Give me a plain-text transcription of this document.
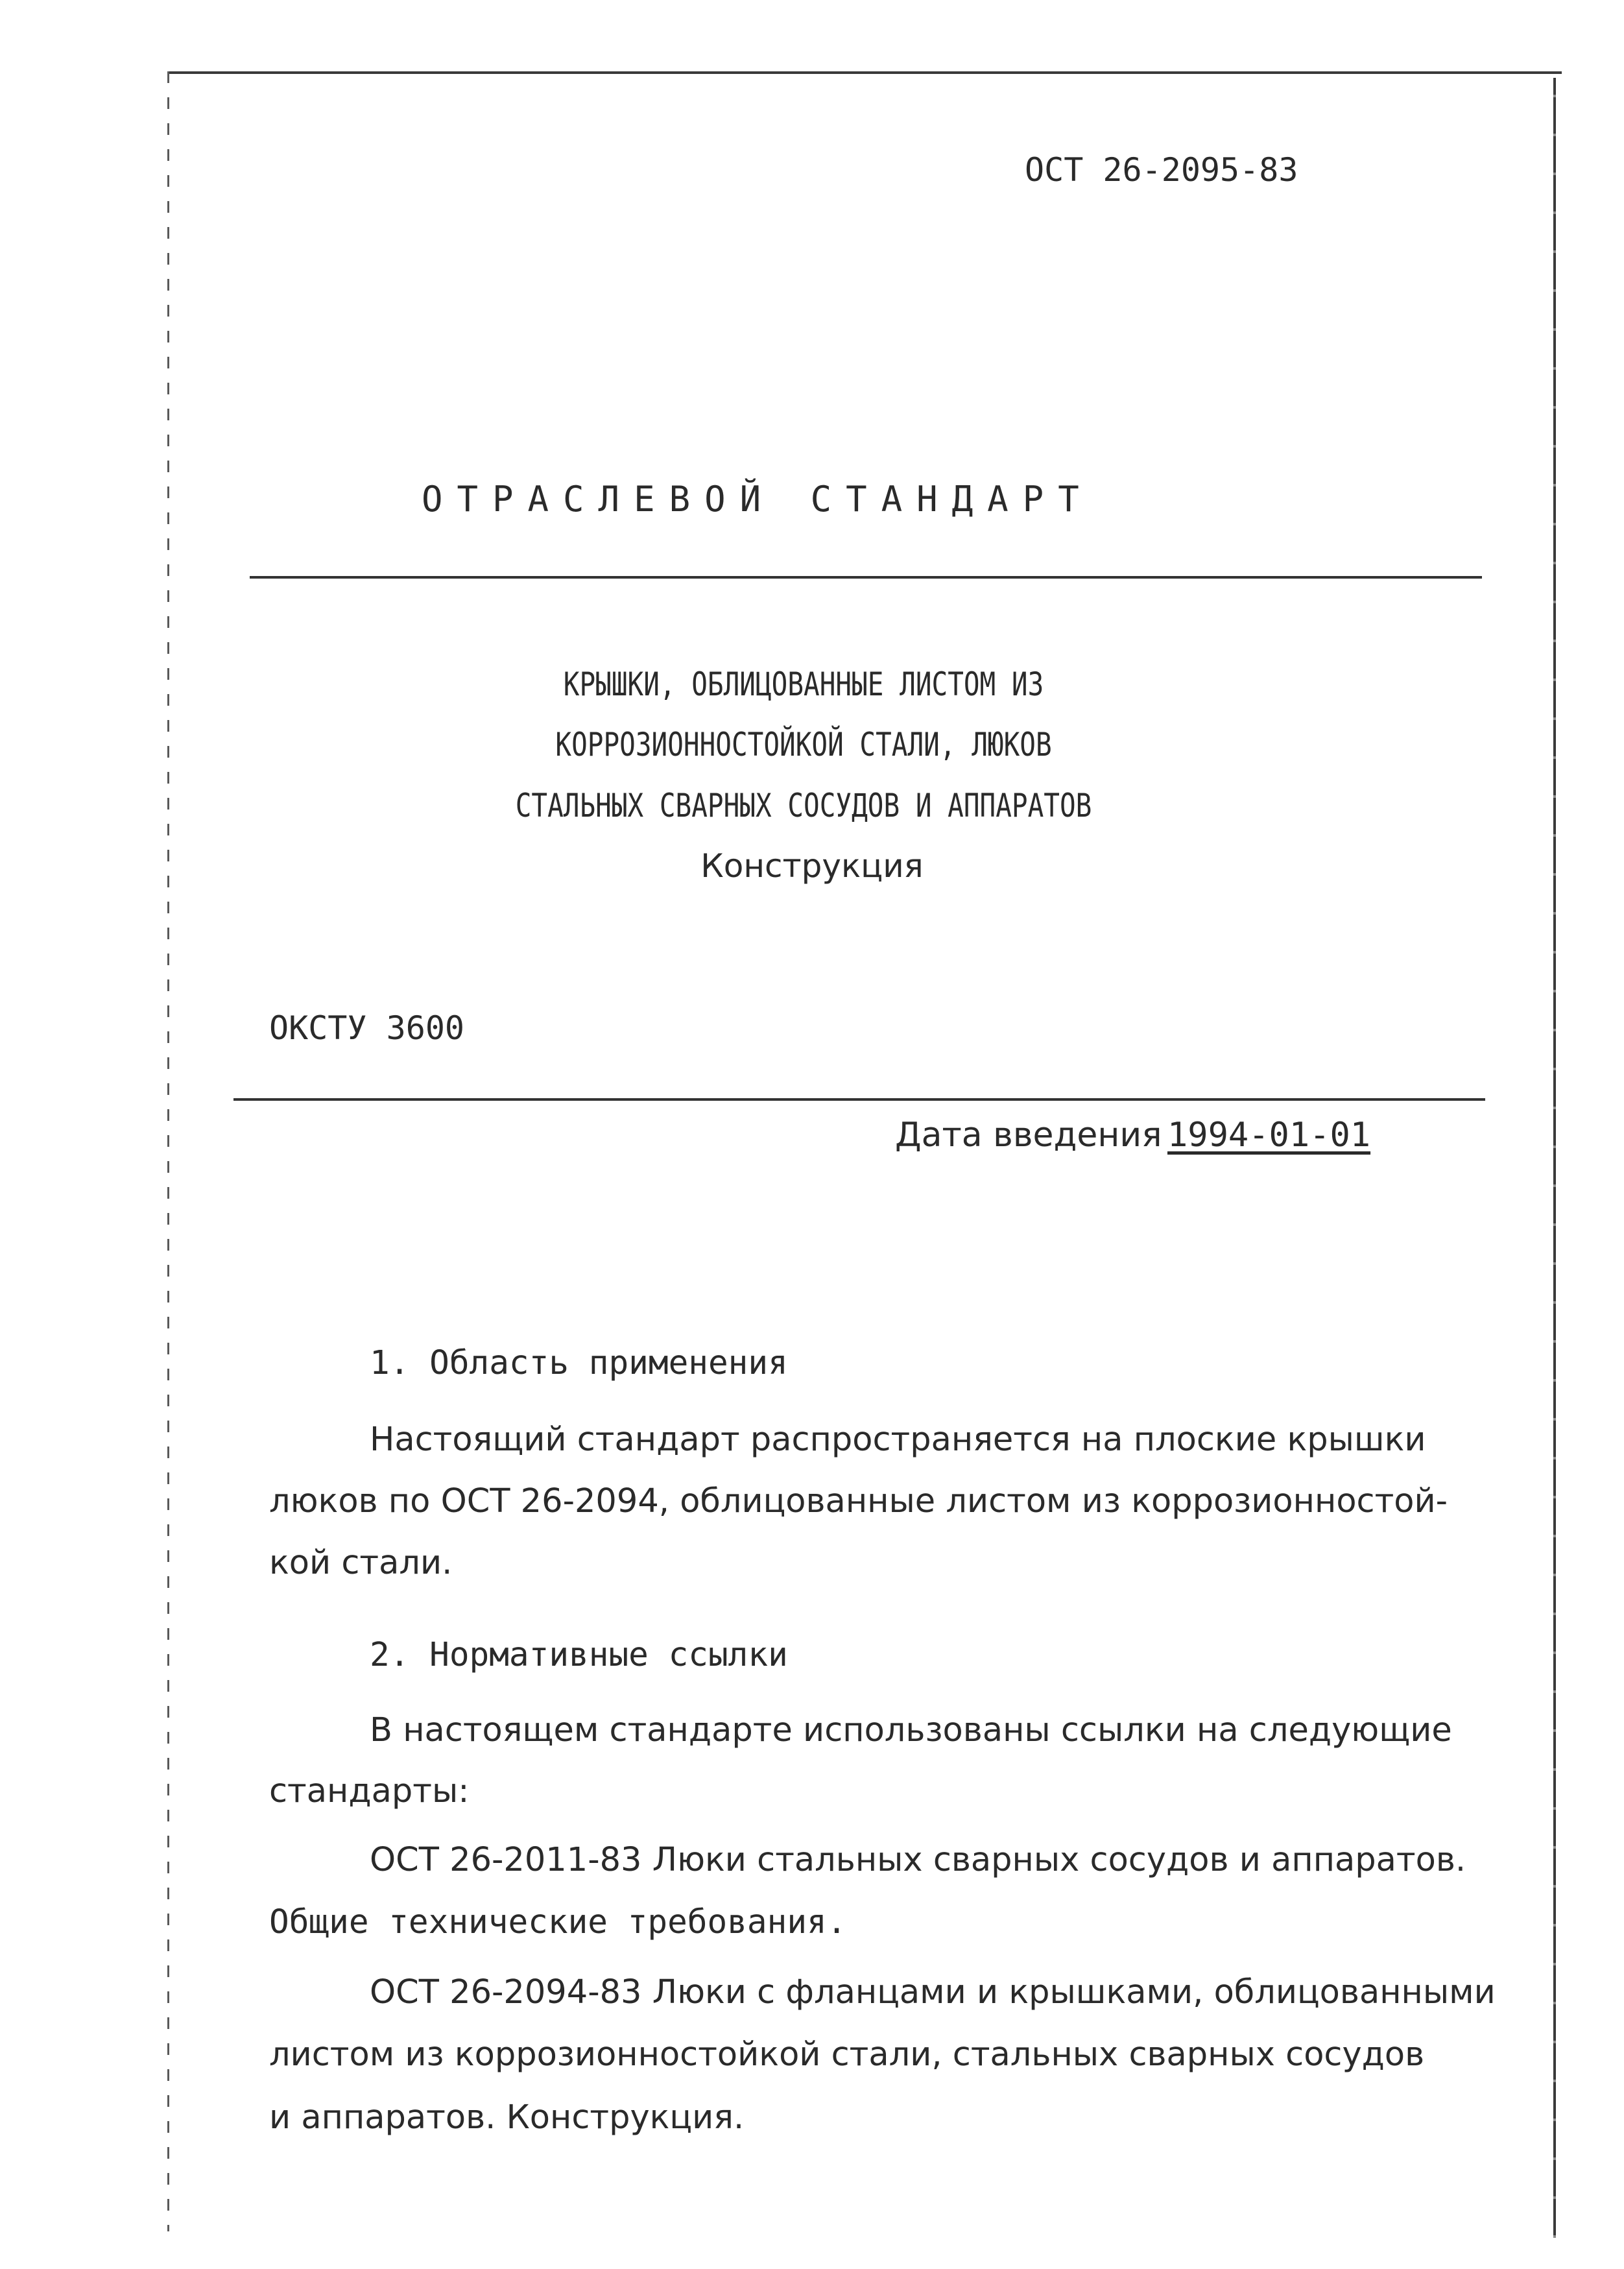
ОСТ 26-2095-83
ОТРАСЛЕВОЙ СТАНДАРТ
КРЫШКИ, ОБЛИЦОВАННЫЕ ЛИСТОМ ИЗ
КОРРОЗИОННОСТОЙКОЙ СТАЛИ, ЛЮКОВ
СТАЛЬНЫХ СВАРНЫХ СОСУДОВ И АППАРАТОВ
Конструкция
ОКСТУ 3600
Дата введения 1994-01-01
1. Область применения
Настоящий стандарт распространяется на плоские крышки
люков по ОСТ 26-2094, облицованные листом из коррозионностой-
кой стали.
2. Нормативные ссылки
В настоящем стандарте использованы ссылки на следующие
стандарты:
ОСТ 26-2011-83 Люки стальных сварных сосудов и аппаратов.
Общие технические требования.
ОСТ 26-2094-83 Люки с фланцами и крышками, облицованными
листом из коррозионностойкой стали, стальных сварных сосудов
и аппаратов. Конструкция.
